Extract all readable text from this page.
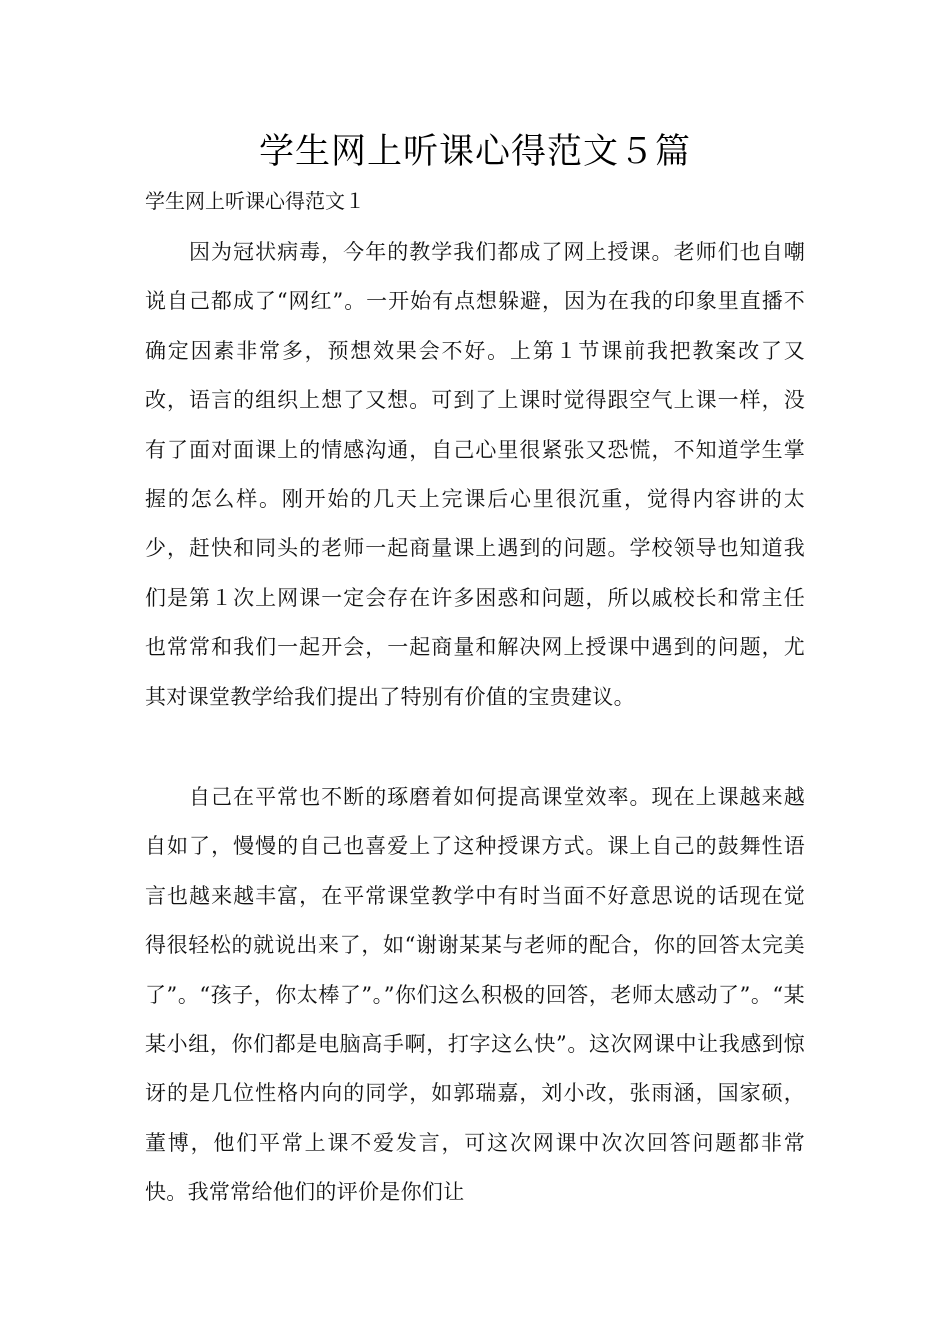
学生网上听课心得范文５篇

学生网上听课心得范文１

因为冠状病毒，今年的教学我们都成了网上授课。老师们也自嘲说自己都成了“网红”。一开始有点想躲避，因为在我的印象里直播不确定因素非常多，预想效果会不好。上第１节课前我把教案改了又改，语言的组织上想了又想。可到了上课时觉得跟空气上课一样，没有了面对面课上的情感沟通，自己心里很紧张又恐慌，不知道学生掌握的怎么样。刚开始的几天上完课后心里很沉重，觉得内容讲的太少，赶快和同头的老师一起商量课上遇到的问题。学校领导也知道我们是第１次上网课一定会存在许多困惑和问题，所以戚校长和常主任也常常和我们一起开会，一起商量和解决网上授课中遇到的问题，尤其对课堂教学给我们提出了特别有价值的宝贵建议。

自己在平常也不断的琢磨着如何提高课堂效率。现在上课越来越自如了，慢慢的自己也喜爱上了这种授课方式。课上自己的鼓舞性语言也越来越丰富，在平常课堂教学中有时当面不好意思说的话现在觉得很轻松的就说出来了，如“谢谢某某与老师的配合，你的回答太完美了”。“孩子，你太棒了”。”你们这么积极的回答，老师太感动了”。“某某小组，你们都是电脑高手啊，打字这么快”。这次网课中让我感到惊讶的是几位性格内向的同学，如郭瑞嘉，刘小改，张雨涵，国家硕，董博，他们平常上课不爱发言，可这次网课中次次回答问题都非常快。我常常给他们的评价是你们让
